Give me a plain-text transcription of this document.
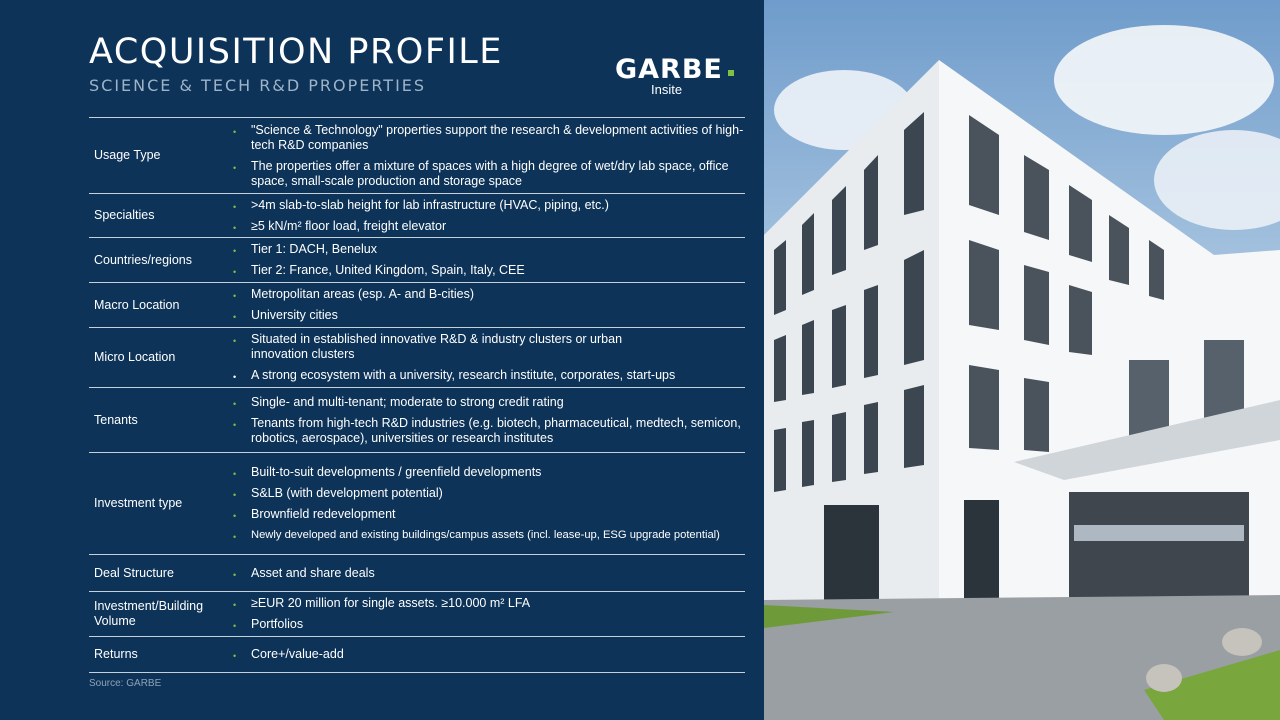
ACQUISITION PROFILE
SCIENCE & TECH R&D PROPERTIES
GARBE
Insite
Usage Type
• "Science & Technology" properties support the research & development activities of high-tech R&D companies
• The properties offer a mixture of spaces with a high degree of wet/dry lab space, office space, small-scale production and storage space
Specialties
• >4m slab-to-slab height for lab infrastructure (HVAC, piping, etc.)
• ≥5 kN/m² floor load, freight elevator
Countries/regions
• Tier 1: DACH, Benelux
• Tier 2: France, United Kingdom, Spain, Italy, CEE
Macro Location
• Metropolitan areas (esp. A- and B-cities)
• University cities
Micro Location
• Situated in established innovative R&D & industry clusters or urban innovation clusters
• A strong ecosystem with a university, research institute, corporates, start-ups
Tenants
• Single- and multi-tenant; moderate to strong credit rating
• Tenants from high-tech R&D industries (e.g. biotech, pharmaceutical, medtech, semicon, robotics, aerospace), universities or research institutes
Investment type
• Built-to-suit developments / greenfield developments
• S&LB (with development potential)
• Brownfield redevelopment
• Newly developed and existing buildings/campus assets (incl. lease-up, ESG upgrade potential)
Deal Structure	• Asset and share deals
Investment/Building Volume
• ≥EUR 20 million for single assets. ≥10.000 m² LFA
• Portfolios
Returns	• Core+/value-add
Source: GARBE
